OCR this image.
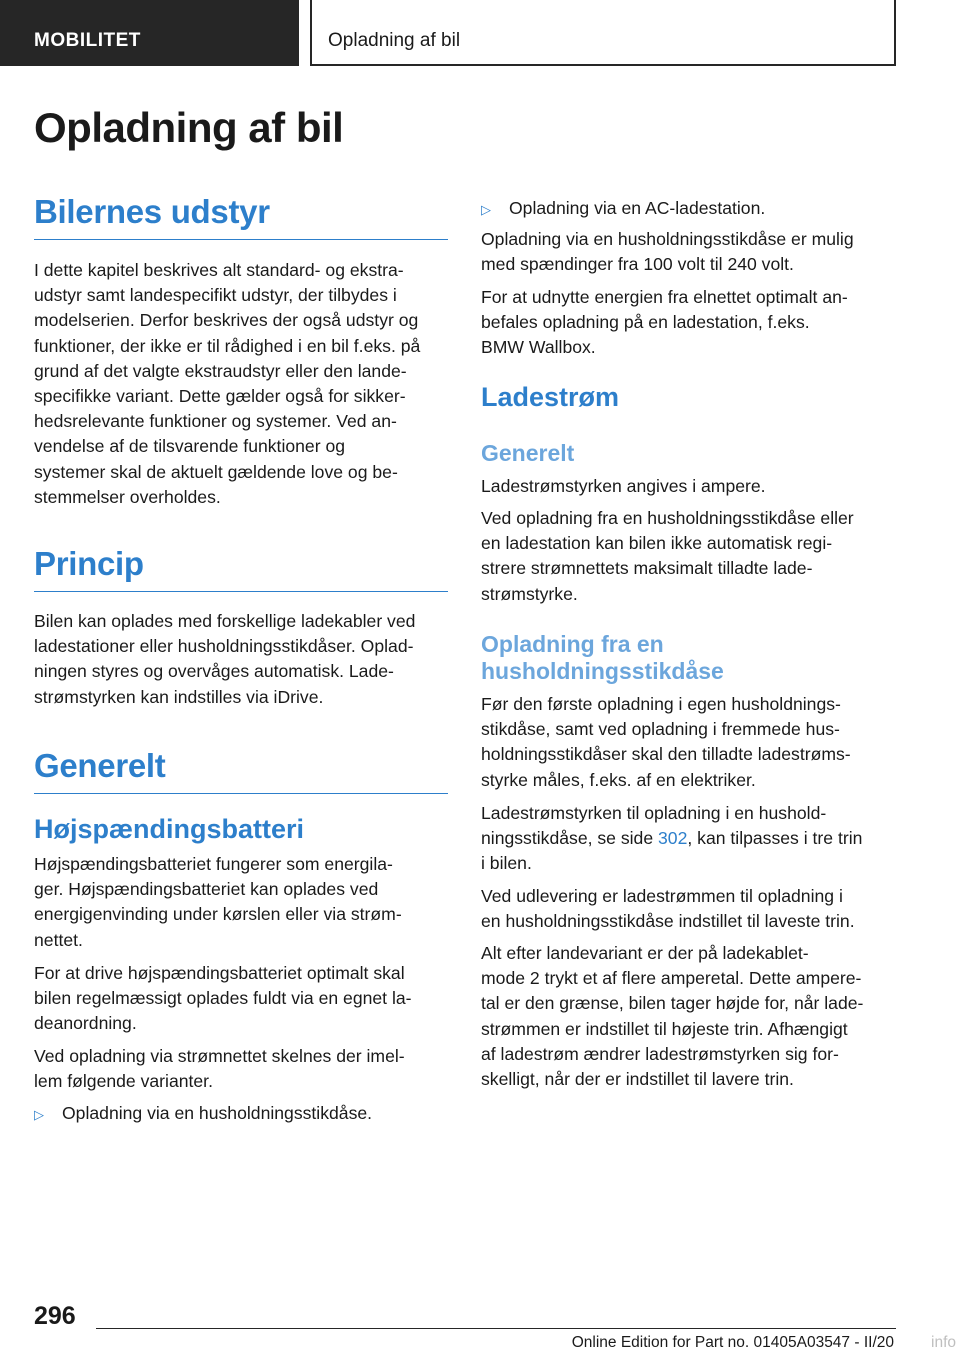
MOBILITET	Opladning af bil
Opladning af bil
Bilernes udstyr
I dette kapitel beskrives alt standard- og ekstra-
udstyr samt landespecifikt udstyr, der tilbydes i
modelserien. Derfor beskrives der også udstyr og
funktioner, der ikke er til rådighed i en bil f.eks. på
grund af det valgte ekstraudstyr eller den lande-
specifikke variant. Dette gælder også for sikker-
hedsrelevante funktioner og systemer. Ved an-
vendelse af de tilsvarende funktioner og
systemer skal de aktuelt gældende love og be-
stemmelser overholdes.
Princip
Bilen kan oplades med forskellige ladekabler ved
ladestationer eller husholdningsstikdåser. Oplad-
ningen styres og overvåges automatisk. Lade-
strømstyrken kan indstilles via iDrive.
Generelt
Højspændingsbatteri
Højspændingsbatteriet fungerer som energila-
ger. Højspændingsbatteriet kan oplades ved
energigenvinding under kørslen eller via strøm-
nettet.
For at drive højspændingsbatteriet optimalt skal
bilen regelmæssigt oplades fuldt via en egnet la-
deanordning.
Ved opladning via strømnettet skelnes der imel-
lem følgende varianter.
▷ Opladning via en husholdningsstikdåse.
▷ Opladning via en AC-ladestation.
Opladning via en husholdningsstikdåse er mulig
med spændinger fra 100 volt til 240 volt.
For at udnytte energien fra elnettet optimalt an-
befales opladning på en ladestation, f.eks.
BMW Wallbox.
Ladestrøm
Generelt
Ladestrømstyrken angives i ampere.
Ved opladning fra en husholdningsstikdåse eller
en ladestation kan bilen ikke automatisk regi-
strere strømnettets maksimalt tilladte lade-
strømstyrke.
Opladning fra en
husholdningsstikdåse
Før den første opladning i egen husholdnings-
stikdåse, samt ved opladning i fremmede hus-
holdningsstikdåser skal den tilladte ladestrøms-
styrke måles, f.eks. af en elektriker.
Ladestrømstyrken til opladning i en hushold-
ningsstikdåse, se side 302, kan tilpasses i tre trin
i bilen.
Ved udlevering er ladestrømmen til opladning i
en husholdningsstikdåse indstillet til laveste trin.
Alt efter landevariant er der på ladekablet-
mode 2 trykt et af flere amperetal. Dette ampere-
tal er den grænse, bilen tager højde for, når lade-
strømmen er indstillet til højeste trin. Afhængigt
af ladestrøm ændrer ladestrømstyrken sig for-
skelligt, når der er indstillet til lavere trin.
296
Online Edition for Part no. 01405A03547 - II/20 info
